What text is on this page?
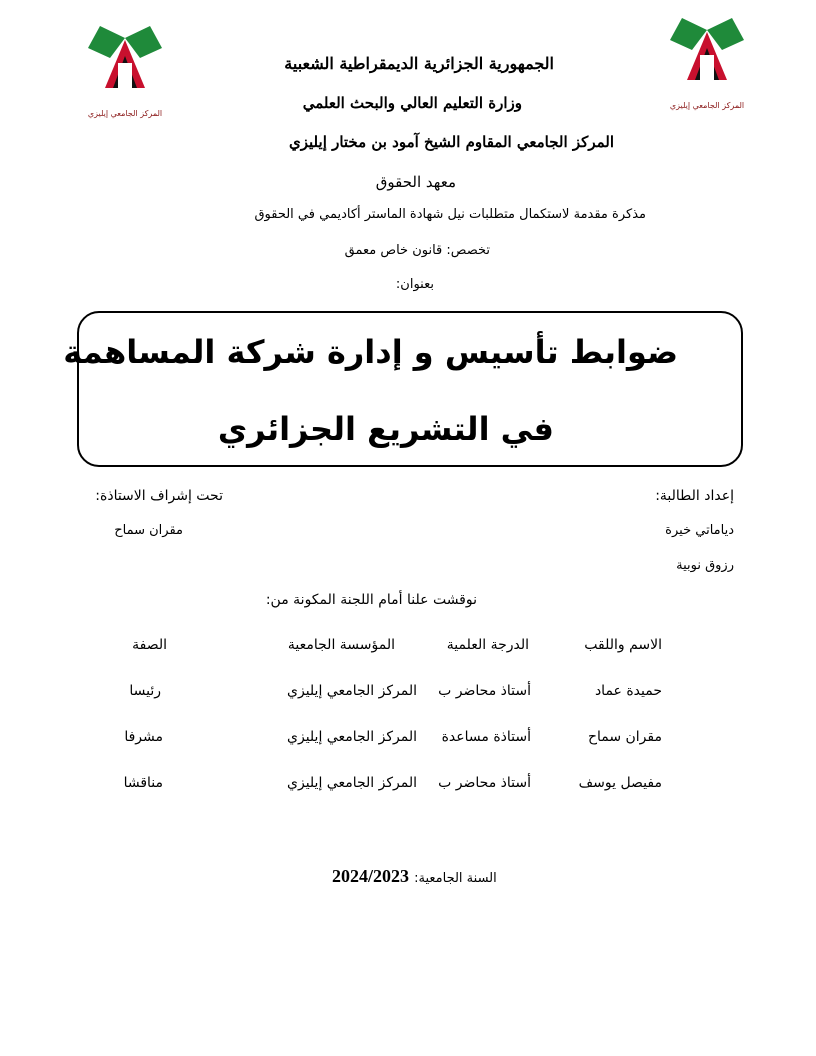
المركز الجامعي إيليزي
المركز الجامعي إيليزي
الجمهورية الجزائرية الديمقراطية الشعبية
وزارة التعليم العالي والبحث العلمي
المركز الجامعي المقاوم الشيخ آمود بن مختار إيليزي
معهد الحقوق
مذكرة مقدمة لاستكمال متطلبات نيل شهادة الماستر أكاديمي في الحقوق
تخصص: قانون خاص معمق
بعنوان:
ضوابط تأسيس و إدارة شركة المساهمة
في التشريع الجزائري
إعداد الطالبة:
دياماتي خيرة
رزوق نوبية
تحت إشراف الاستاذة:
مقران سماح
نوقشت علنا أمام اللجنة المكونة من:
الاسم واللقب
الدرجة العلمية
المؤسسة الجامعية
الصفة
حميدة عماد
أستاذ محاضر ب
المركز الجامعي إيليزي
رئيسا
مقران سماح
أستاذة مساعدة
المركز الجامعي إيليزي
مشرفا
مفيصل يوسف
أستاذ محاضر ب
المركز الجامعي إيليزي
مناقشا
السنة الجامعية: 2024/2023
